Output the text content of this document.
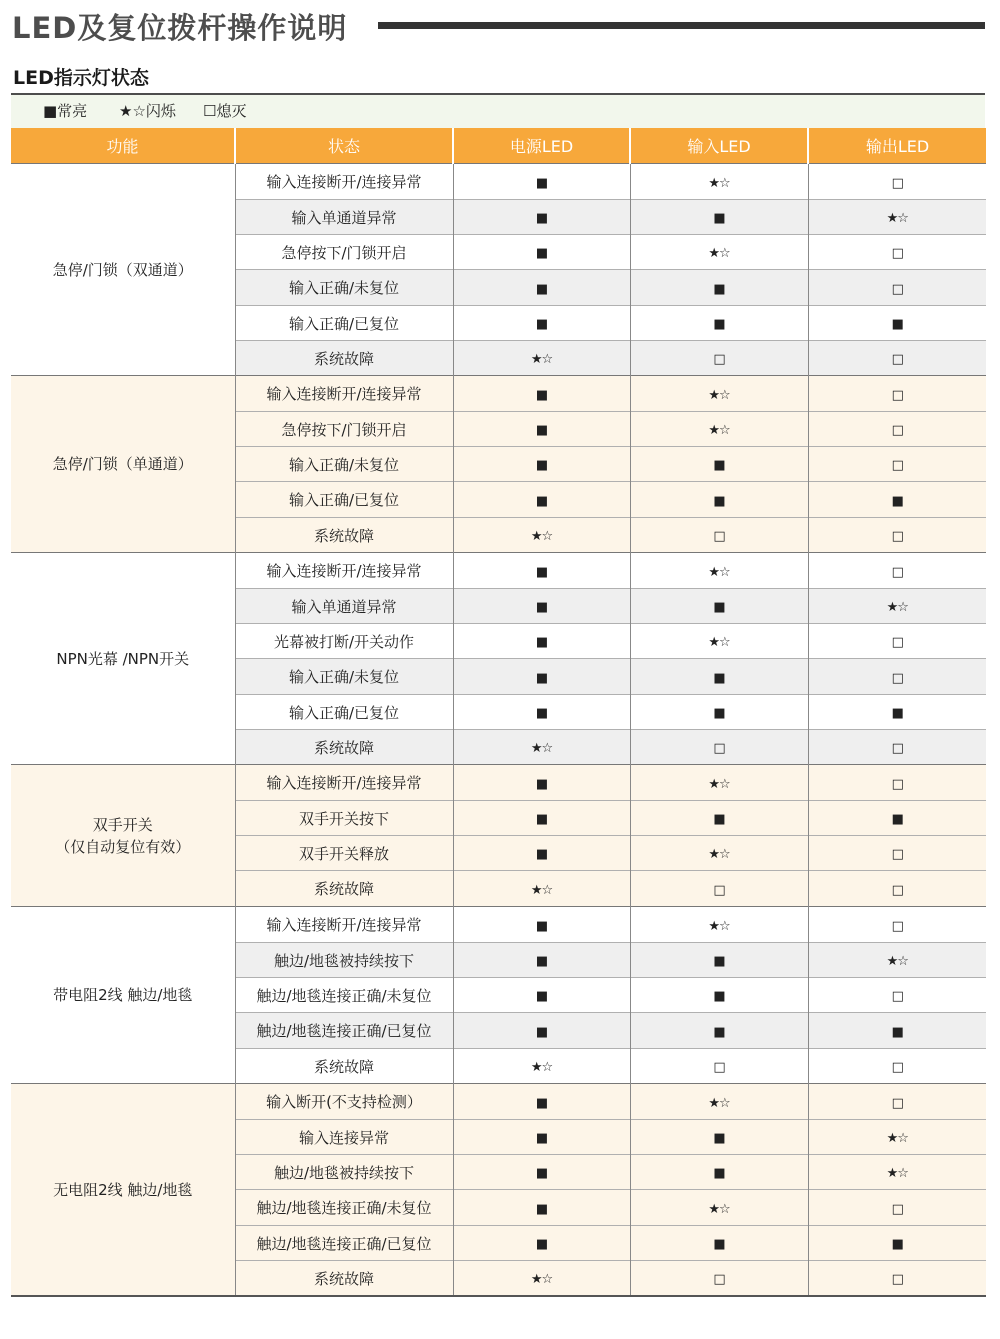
LED及复位拨杆操作说明
LED指示灯状态
■常亮 ★☆闪烁 ☐熄灭
功能	状态	电源LED	输入LED	输出LED

急停/门锁（双通道）	输入连接断开/连接异常	■	★☆	□
	输入单通道异常	■	■	★☆
	急停按下/门锁开启	■	★☆	□
	输入正确/未复位	■	■	□
	输入正确/已复位	■	■	■
	系统故障	★☆	□	□

急停/门锁（单通道）	输入连接断开/连接异常	■	★☆	□
	急停按下/门锁开启	■	★☆	□
	输入正确/未复位	■	■	□
	输入正确/已复位	■	■	■
	系统故障	★☆	□	□

NPN光幕 /NPN开关	输入连接断开/连接异常	■	★☆	□
	输入单通道异常	■	■	★☆
	光幕被打断/开关动作	■	★☆	□
	输入正确/未复位	■	■	□
	输入正确/已复位	■	■	■
	系统故障	★☆	□	□

双手开关
（仅自动复位有效）	输入连接断开/连接异常	■	★☆	□
	双手开关按下	■	■	■
	双手开关释放	■	★☆	□
	系统故障	★☆	□	□

带电阻2线 触边/地毯	输入连接断开/连接异常	■	★☆	□
	触边/地毯被持续按下	■	■	★☆
	触边/地毯连接正确/未复位	■	■	□
	触边/地毯连接正确/已复位	■	■	■
	系统故障	★☆	□	□

无电阻2线 触边/地毯	输入断开(不支持检测）	■	★☆	□
	输入连接异常	■	■	★☆
	触边/地毯被持续按下	■	■	★☆
	触边/地毯连接正确/未复位	■	★☆	□
	触边/地毯连接正确/已复位	■	■	■
	系统故障	★☆	□	□
